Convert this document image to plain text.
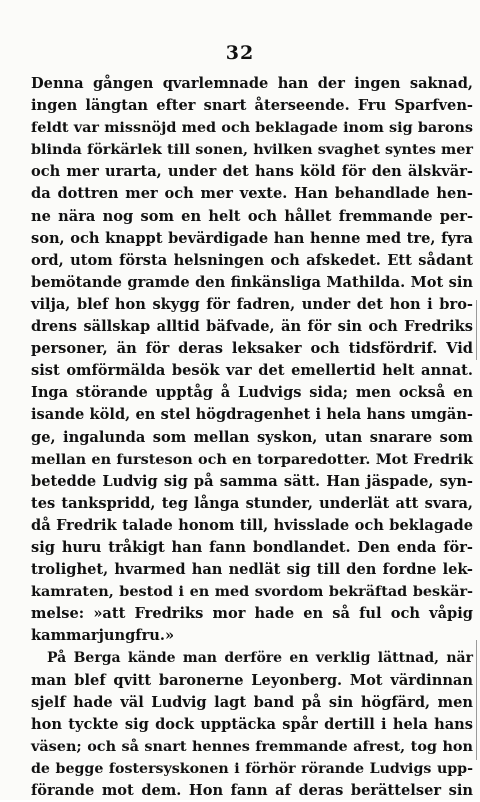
32
Denna gången qvarlemnade han der ingen saknad,
ingen längtan efter snart återseende. Fru Sparfven-
feldt var missnöjd med och beklagade inom sig barons
blinda förkärlek till sonen, hvilken svaghet syntes mer
och mer urarta, under det hans köld för den älskvär-
da dottren mer och mer vexte. Han behandlade hen-
ne nära nog som en helt och hållet fremmande per-
son, och knappt bevärdigade han henne med tre, fyra
ord, utom första helsningen och afskedet. Ett sådant
bemötande gramde den finkänsliga Mathilda. Mot sin
vilja, blef hon skygg för fadren, under det hon i bro-
drens sällskap alltid bäfvade, än för sin och Fredriks
personer, än för deras leksaker och tidsfördrif. Vid
sist omförmälda besök var det emellertid helt annat.
Inga störande upptåg å Ludvigs sida; men också en
isande köld, en stel högdragenhet i hela hans umgän-
ge, ingalunda som mellan syskon, utan snarare som
mellan en fursteson och en torparedotter. Mot Fredrik
betedde Ludvig sig på samma sätt. Han jäspade, syn-
tes tankspridd, teg långa stunder, underlät att svara,
då Fredrik talade honom till, hvisslade och beklagade
sig huru tråkigt han fann bondlandet. Den enda för-
trolighet, hvarmed han nedlät sig till den fordne lek-
kamraten, bestod i en med svordom bekräftad beskär-
melse: »att Fredriks mor hade en så ful och våpig
kammarjungfru.»
På Berga kände man derföre en verklig lättnad, när
man blef qvitt baronerne Leyonberg. Mot värdinnan
sjelf hade väl Ludvig lagt band på sin högfärd, men
hon tyckte sig dock upptäcka spår dertill i hela hans
väsen; och så snart hennes fremmande afrest, tog hon
de begge fostersyskonen i förhör rörande Ludvigs upp-
förande mot dem. Hon fann af deras berättelser sin
